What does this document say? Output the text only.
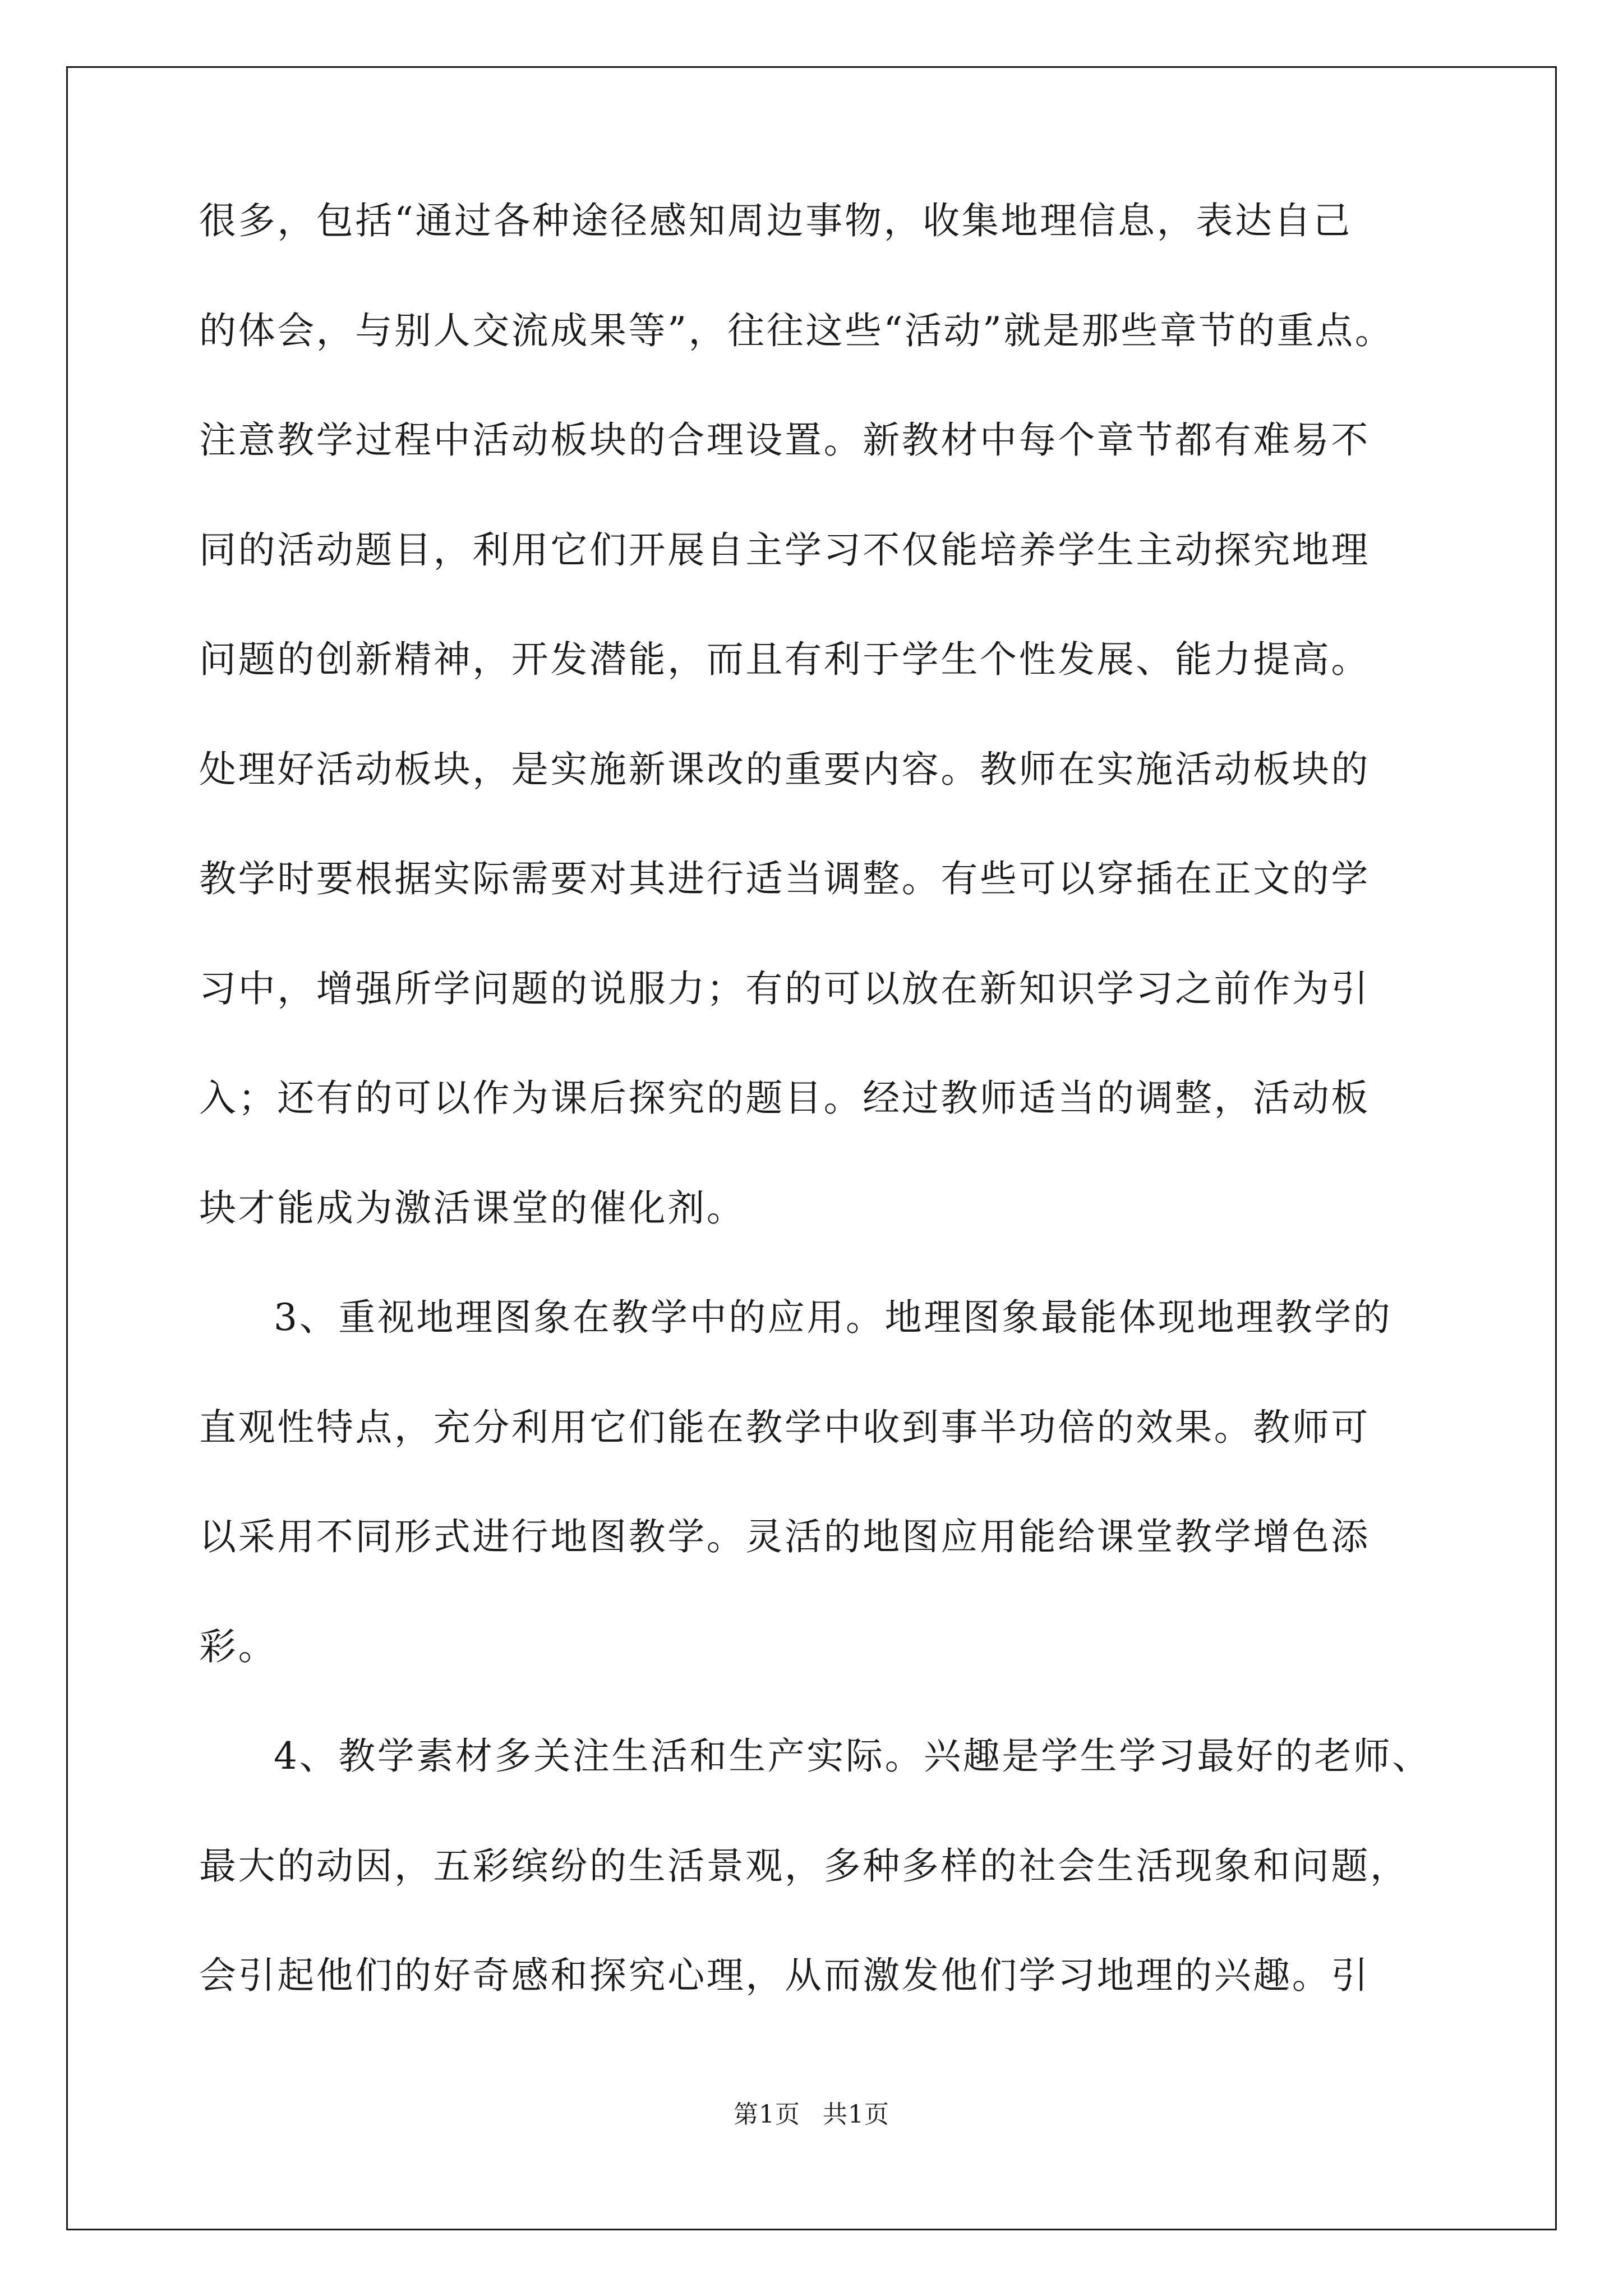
很多，包括“通过各种途径感知周边事物，收集地理信息，表达自己
的体会，与别人交流成果等”，往往这些“活动”就是那些章节的重点。
注意教学过程中活动板块的合理设置。新教材中每个章节都有难易不
同的活动题目，利用它们开展自主学习不仅能培养学生主动探究地理
问题的创新精神，开发潜能，而且有利于学生个性发展、能力提高。
处理好活动板块，是实施新课改的重要内容。教师在实施活动板块的
教学时要根据实际需要对其进行适当调整。有些可以穿插在正文的学
习中，增强所学问题的说服力；有的可以放在新知识学习之前作为引
入；还有的可以作为课后探究的题目。经过教师适当的调整，活动板
块才能成为激活课堂的催化剂。
3、重视地理图象在教学中的应用。地理图象最能体现地理教学的
直观性特点，充分利用它们能在教学中收到事半功倍的效果。教师可
以采用不同形式进行地图教学。灵活的地图应用能给课堂教学增色添
彩。
4、教学素材多关注生活和生产实际。兴趣是学生学习最好的老师、
最大的动因，五彩缤纷的生活景观，多种多样的社会生活现象和问题，
会引起他们的好奇感和探究心理，从而激发他们学习地理的兴趣。引
第1页 共1页
